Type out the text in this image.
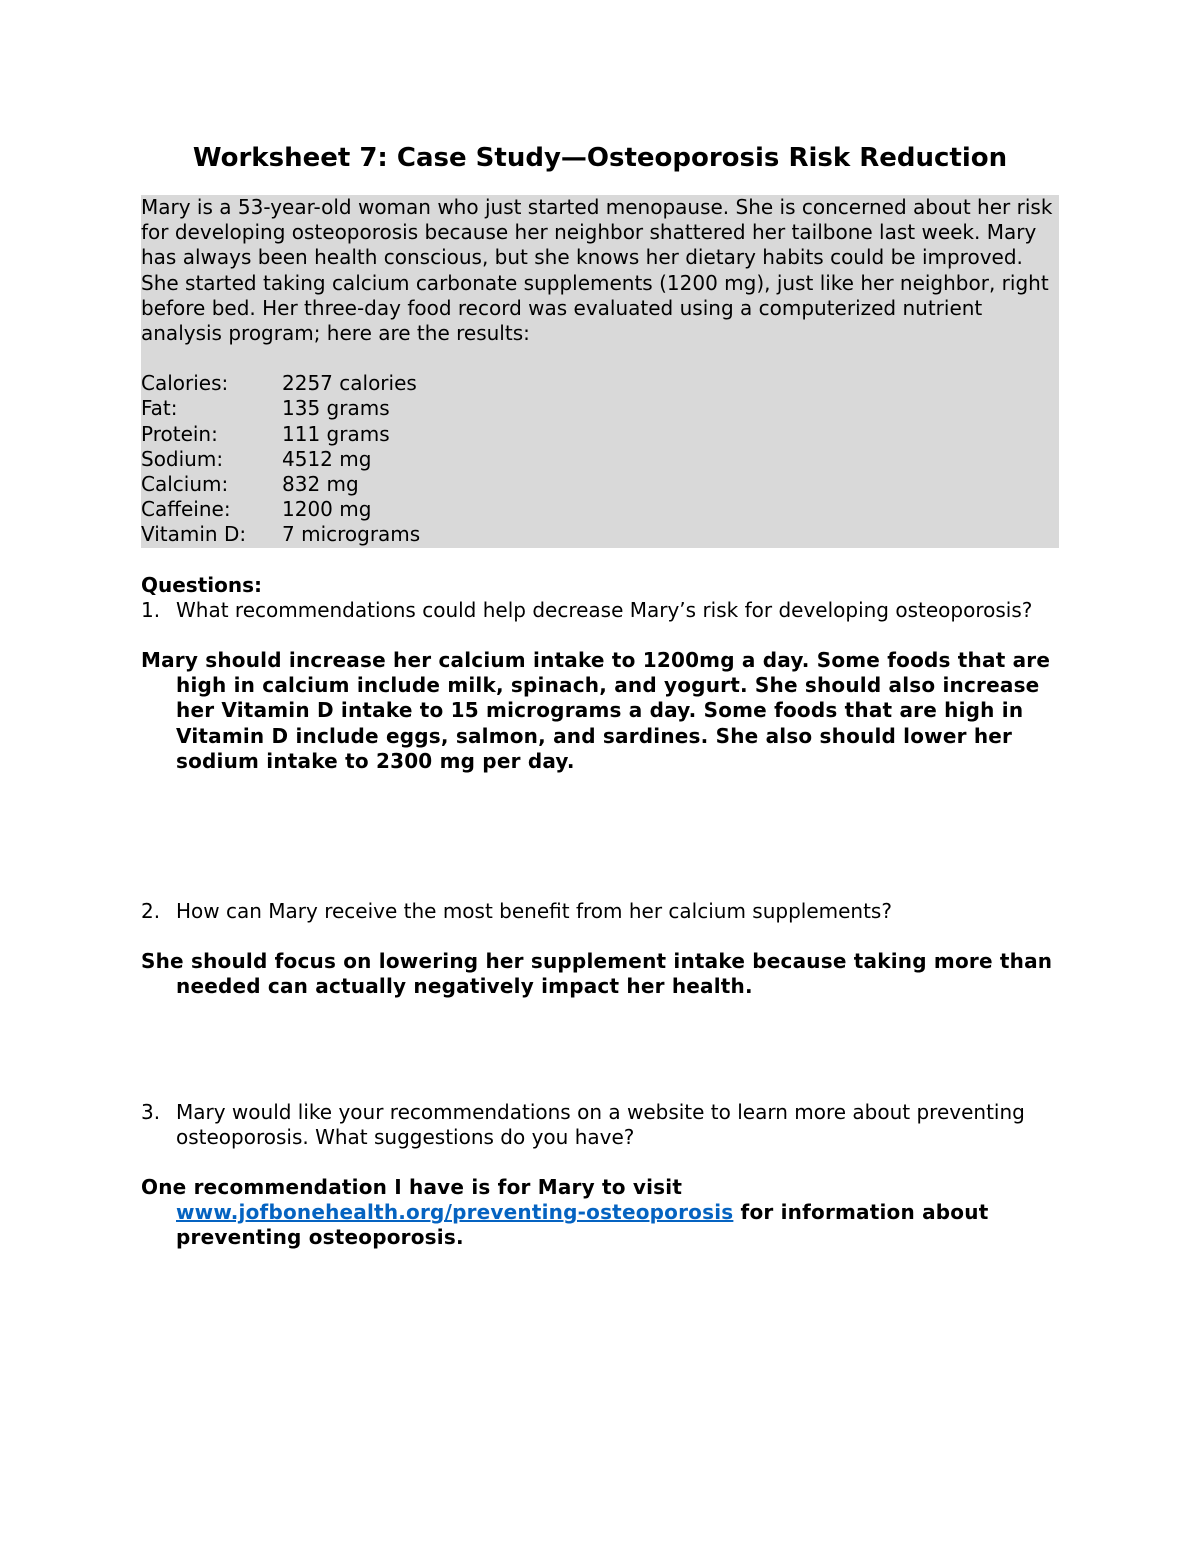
Worksheet 7: Case Study—Osteoporosis Risk Reduction

Mary is a 53-year-old woman who just started menopause. She is concerned about her risk for developing osteoporosis because her neighbor shattered her tailbone last week. Mary has always been health conscious, but she knows her dietary habits could be improved. She started taking calcium carbonate supplements (1200 mg), just like her neighbor, right before bed. Her three-day food record was evaluated using a computerized nutrient analysis program; here are the results:

Calories:	2257 calories
Fat:	135 grams
Protein:	111 grams
Sodium:	4512 mg
Calcium:	832 mg
Caffeine:	1200 mg
Vitamin D:	7 micrograms

Questions:

1. What recommendations could help decrease Mary’s risk for developing osteoporosis?

Mary should increase her calcium intake to 1200mg a day. Some foods that are high in calcium include milk, spinach, and yogurt. She should also increase her Vitamin D intake to 15 micrograms a day. Some foods that are high in Vitamin D include eggs, salmon, and sardines. She also should lower her sodium intake to 2300 mg per day.

2. How can Mary receive the most benefit from her calcium supplements?

She should focus on lowering her supplement intake because taking more than needed can actually negatively impact her health.

3. Mary would like your recommendations on a website to learn more about preventing osteoporosis. What suggestions do you have?

One recommendation I have is for Mary to visit www.jofbonehealth.org/preventing-osteoporosis for information about preventing osteoporosis.
